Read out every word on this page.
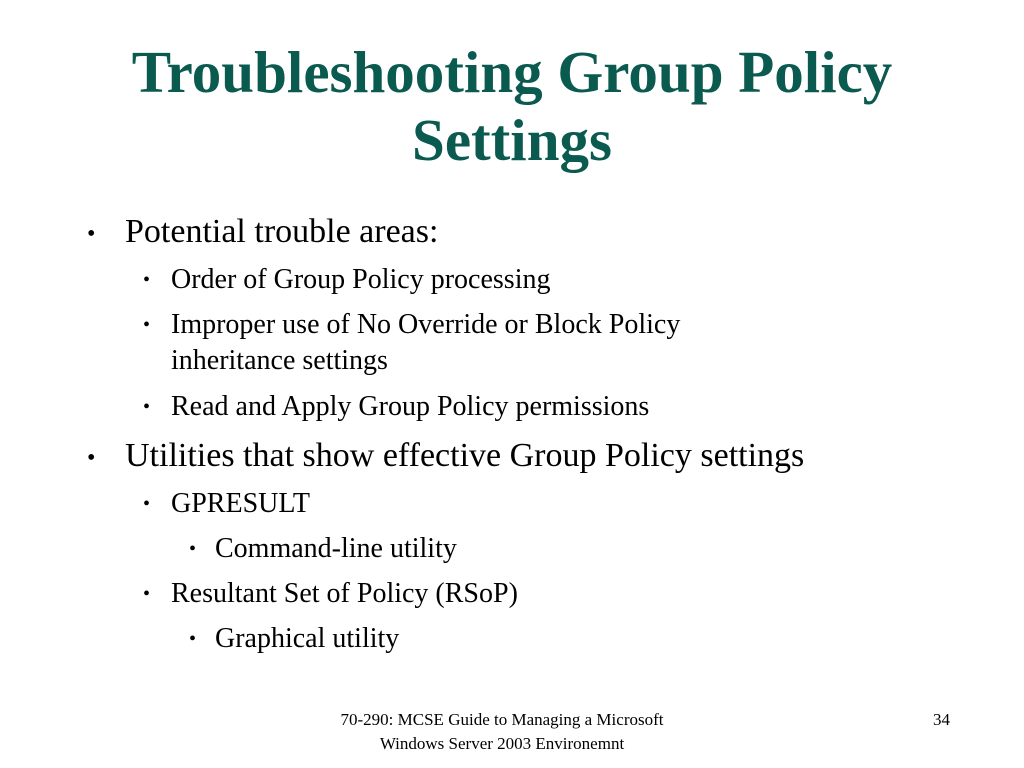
Troubleshooting Group Policy
Settings
• Potential trouble areas:
• Order of Group Policy processing
• Improper use of No Override or Block Policy
inheritance settings
• Read and Apply Group Policy permissions
• Utilities that show effective Group Policy settings
• GPRESULT
• Command-line utility
• Resultant Set of Policy (RSoP)
• Graphical utility
70-290: MCSE Guide to Managing a Microsoft
Windows Server 2003 Environemnt
34
